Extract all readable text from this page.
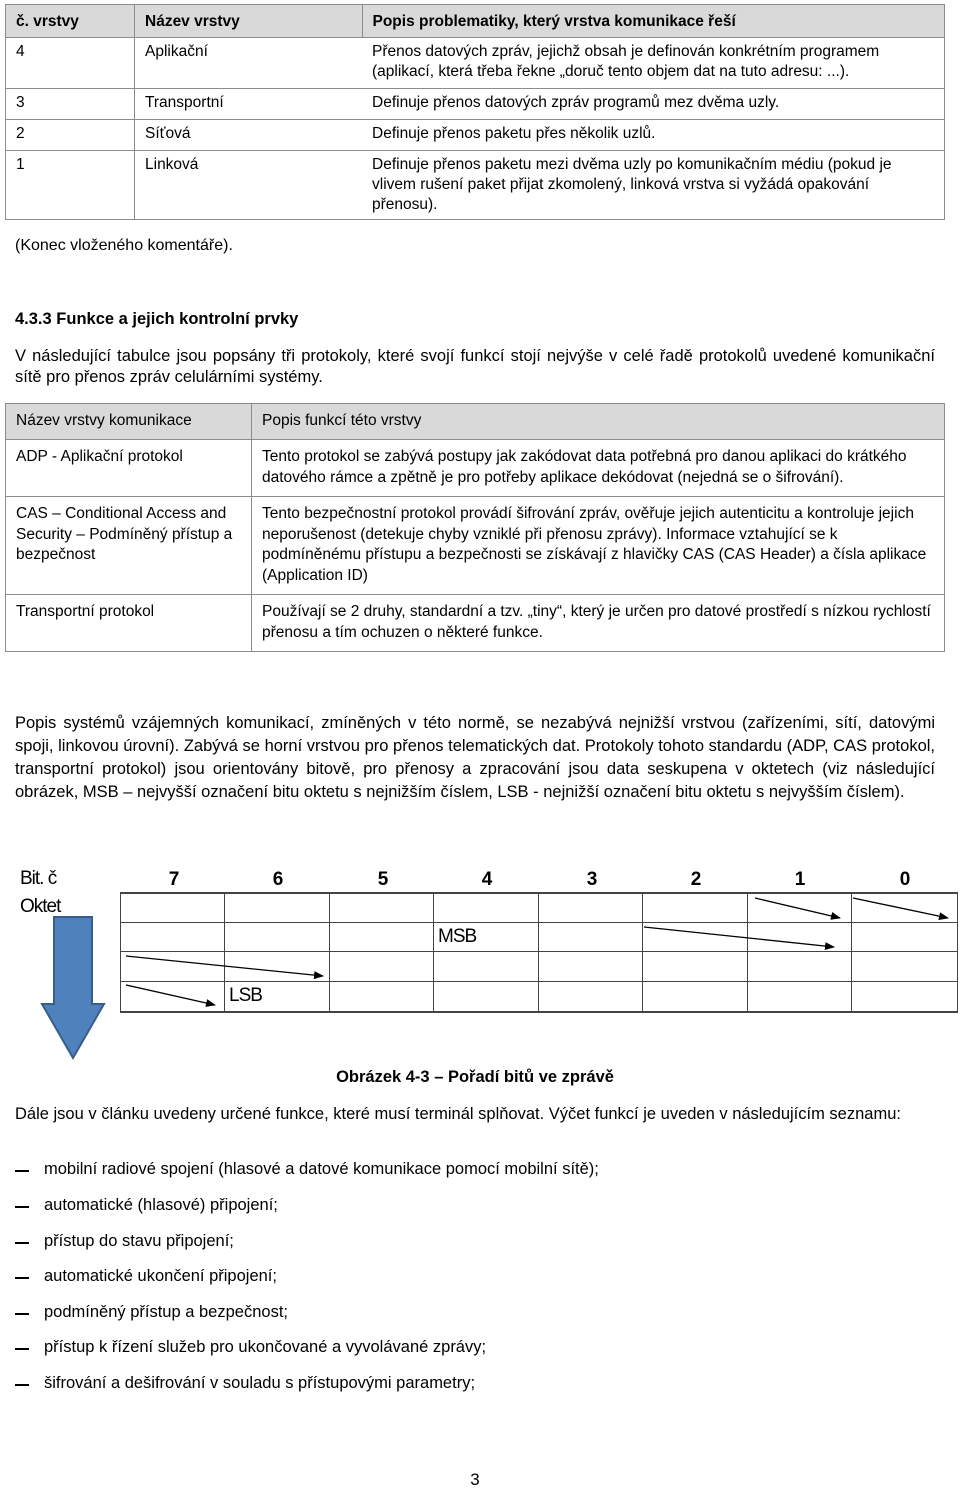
č. vrstvy	Název vrstvy	Popis problematiky, který vrstva komunikace řeší
4	Aplikační	Přenos datových zpráv, jejichž obsah je definován konkrétním programem (aplikací, která třeba řekne „doruč tento objem dat na tuto adresu: ...).
3	Transportní	Definuje přenos datových zpráv programů mez dvěma uzly.
2	Síťová	Definuje přenos paketu přes několik uzlů.
1	Linková	Definuje přenos paketu mezi dvěma uzly po komunikačním médiu (pokud je vlivem rušení paket přijat zkomolený, linková vrstva si vyžádá opakování přenosu).
(Konec vloženého komentáře).
4.3.3 Funkce a jejich kontrolní prvky
V následující tabulce jsou popsány tři protokoly, které svojí funkcí stojí nejvýše v celé řadě protokolů uvedené komunikační sítě pro přenos zpráv celulárními systémy.
Název vrstvy komunikace	Popis funkcí této vrstvy
ADP - Aplikační protokol	Tento protokol se zabývá postupy jak zakódovat data potřebná pro danou aplikaci do krátkého datového rámce a zpětně je pro potřeby aplikace dekódovat (nejedná se o šifrování).
CAS – Conditional Access and Security – Podmíněný přístup a bezpečnost	Tento bezpečnostní protokol provádí šifrování zpráv, ověřuje jejich autenticitu a kontroluje jejich neporušenost (detekuje chyby vzniklé při přenosu zprávy). Informace vztahující se k podmíněnému přístupu a bezpečnosti se získávají z hlavičky CAS (CAS Header) a čísla aplikace (Application ID)
Transportní protokol	Používají se 2 druhy, standardní a tzv. „tiny“, který je určen pro datové prostředí s nízkou rychlostí přenosu a tím ochuzen o některé funkce.
Popis systémů vzájemných komunikací, zmíněných v této normě, se nezabývá nejnižší vrstvou (zařízeními, sítí, datovými spoji, linkovou úrovní). Zabývá se horní vrstvou pro přenos telematických dat. Protokoly tohoto standardu (ADP, CAS protokol, transportní protokol) jsou orientovány bitově, pro přenosy a zpracování jsou data seskupena v oktetech (viz následující obrázek, MSB – nejvyšší označení bitu oktetu s nejnižším číslem, LSB - nejnižší označení bitu oktetu s nejvyšším číslem).
Bit. č
Oktet
7	6	5	4	3	2	1	0
MSB
LSB
Obrázek 4-3 – Pořadí bitů ve zprávě
Dále jsou v článku uvedeny určené funkce, které musí terminál splňovat. Výčet funkcí je uveden v následujícím seznamu:
mobilní radiové spojení (hlasové a datové komunikace pomocí mobilní sítě);
automatické (hlasové) připojení;
přístup do stavu připojení;
automatické ukončení připojení;
podmíněný přístup a bezpečnost;
přístup k řízení služeb pro ukončované a vyvolávané zprávy;
šifrování a dešifrování v souladu s přístupovými parametry;
3
